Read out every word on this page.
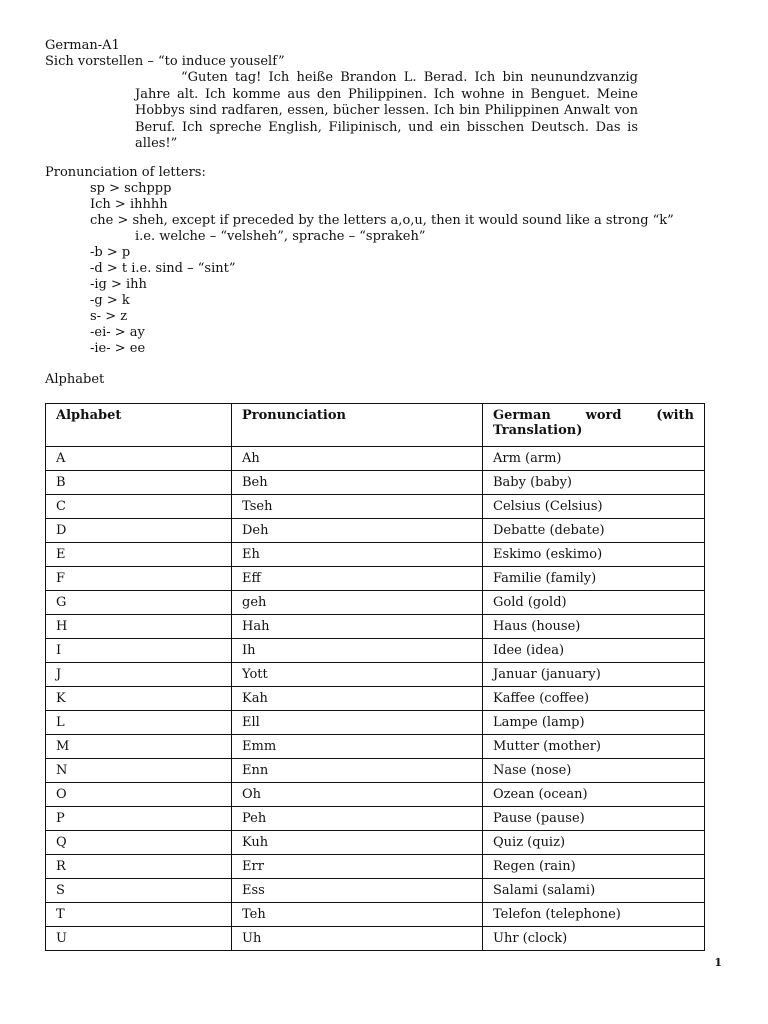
German-A1
Sich vorstellen – “to induce youself”
“Guten tag! Ich heiße Brandon L. Berad. Ich bin neunundzvanzig Jahre alt. Ich komme aus den Philippinen. Ich wohne in Benguet. Meine Hobbys sind radfaren, essen, bücher lessen. Ich bin Philippinen Anwalt von Beruf. Ich spreche English, Filipinisch, und ein bisschen Deutsch. Das is alles!”
Pronunciation of letters:
sp > schppp
Ich > ihhhh
che > sheh, except if preceded by the letters a,o,u, then it would sound like a strong “k”
i.e. welche – “velsheh”, sprache – “sprakeh”
-b > p
-d > t i.e. sind – “sint”
-ig > ihh
-g > k
s- > z
-ei- > ay
-ie- > ee
Alphabet
Alphabet	Pronunciation	German word (with Translation)
A	Ah	Arm (arm)
B	Beh	Baby (baby)
C	Tseh	Celsius (Celsius)
D	Deh	Debatte (debate)
E	Eh	Eskimo (eskimo)
F	Eff	Familie (family)
G	geh	Gold (gold)
H	Hah	Haus (house)
I	Ih	Idee (idea)
J	Yott	Januar (january)
K	Kah	Kaffee (coffee)
L	Ell	Lampe (lamp)
M	Emm	Mutter (mother)
N	Enn	Nase (nose)
O	Oh	Ozean (ocean)
P	Peh	Pause (pause)
Q	Kuh	Quiz (quiz)
R	Err	Regen (rain)
S	Ess	Salami (salami)
T	Teh	Telefon (telephone)
U	Uh	Uhr (clock)
1
